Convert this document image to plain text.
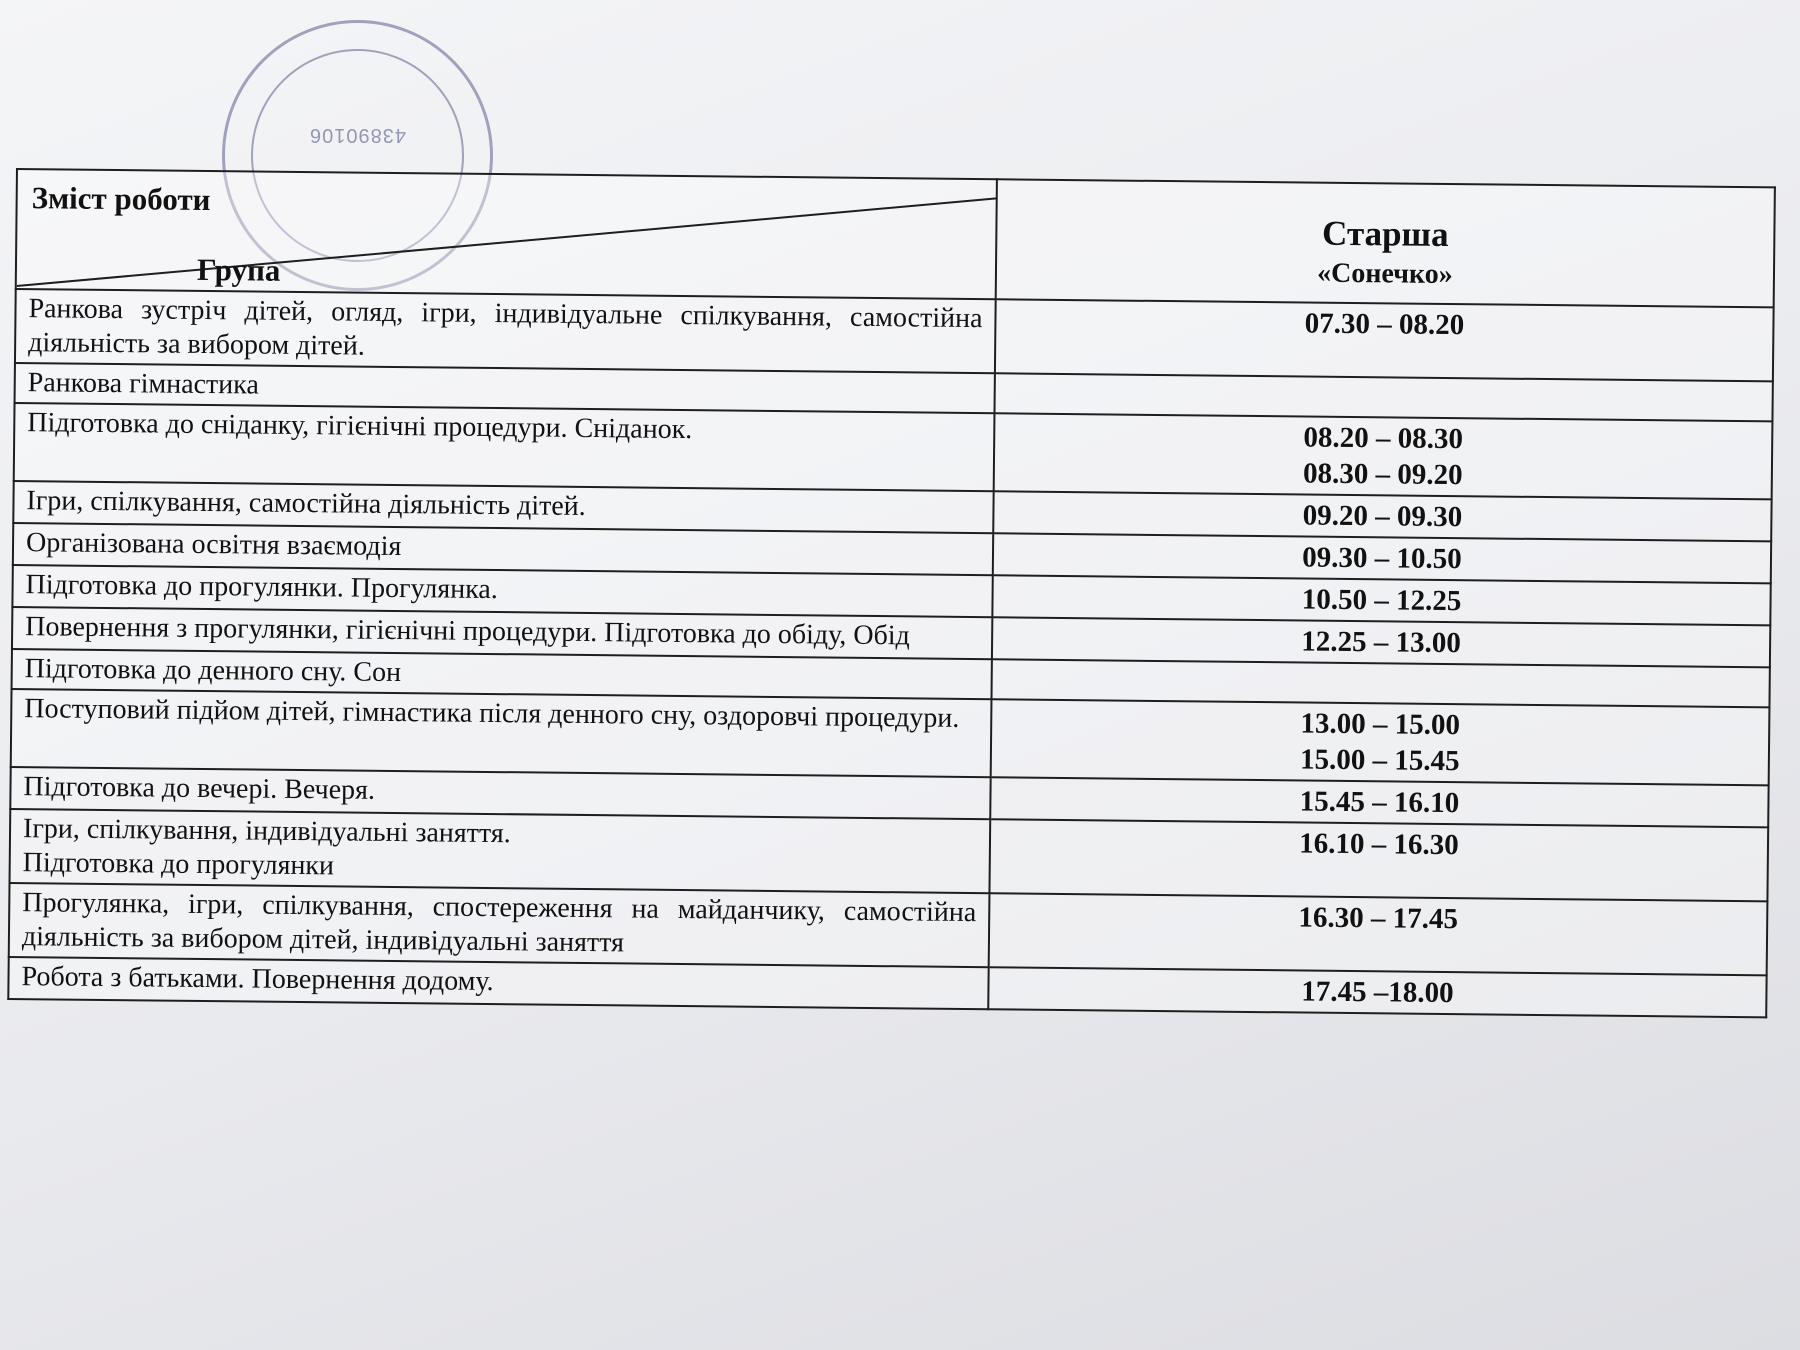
43890106
Зміст роботи
Група	Старша
«Сонечко»

Ранкова зустріч дітей, огляд, ігри, індивідуальне спілкування, самостійна діяльність за вибором дітей.	07.30 – 08.20

Ранкова гімнастика	

Підготовка до сніданку, гігієнічні процедури. Сніданок.	08.20 – 08.30
08.30 – 09.20

Ігри, спілкування, самостійна діяльність дітей.	09.20 – 09.30

Організована освітня взаємодія	09.30 – 10.50

Підготовка до прогулянки. Прогулянка.	10.50 – 12.25

Повернення з прогулянки, гігієнічні процедури. Підготовка до обіду, Обід	12.25 – 13.00

Підготовка до денного сну. Сон	

Поступовий підйом дітей, гімнастика після денного сну, оздоровчі процедури.	13.00 – 15.00
15.00 – 15.45

Підготовка до вечері. Вечеря.	15.45 – 16.10

Ігри, спілкування, індивідуальні заняття.
Підготовка до прогулянки	16.10 – 16.30

Прогулянка, ігри, спілкування, спостереження на майданчику, самостійна діяльність за вибором дітей, індивідуальні заняття	16.30 – 17.45

Робота з батьками. Повернення додому.	17.45 –18.00
